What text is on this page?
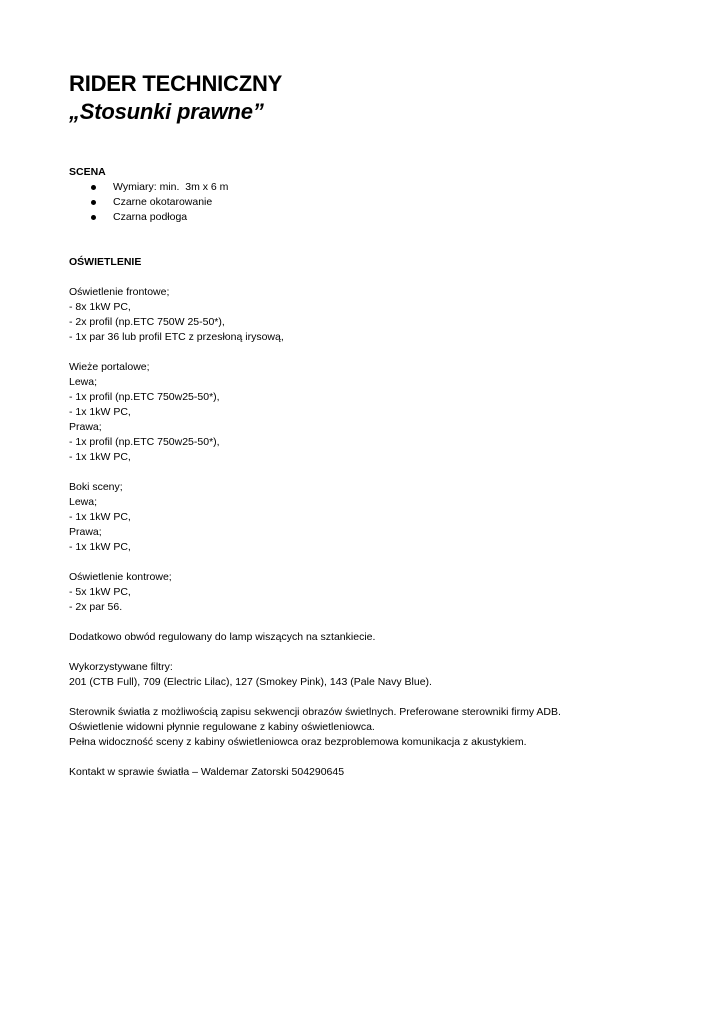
RIDER TECHNICZNY
„Stosunki prawne”

SCENA

Wymiary: min.  3m x 6 m
Czarne okotarowanie
Czarna podłoga

OŚWIETLENIE

Oświetlenie frontowe;

- 8x 1kW PC,

- 2x profil (np.ETC 750W 25-50*),

- 1x par 36 lub profil ETC z przesłoną irysową,

Wieże portalowe;

Lewa;

- 1x profil (np.ETC 750w25-50*),

- 1x 1kW PC,

Prawa;

- 1x profil (np.ETC 750w25-50*),

- 1x 1kW PC,

Boki sceny;

Lewa;

- 1x 1kW PC,

Prawa;

- 1x 1kW PC,

Oświetlenie kontrowe;

- 5x 1kW PC,

- 2x par 56.

Dodatkowo obwód regulowany do lamp wiszących na sztankiecie.

Wykorzystywane filtry:

201 (CTB Full), 709 (Electric Lilac), 127 (Smokey Pink), 143 (Pale Navy Blue).

Sterownik światła z możliwością zapisu sekwencji obrazów świetlnych. Preferowane sterowniki firmy ADB.

Oświetlenie widowni płynnie regulowane z kabiny oświetleniowca.

Pełna widoczność sceny z kabiny oświetleniowca oraz bezproblemowa komunikacja z akustykiem.

Kontakt w sprawie światła – Waldemar Zatorski 504290645
